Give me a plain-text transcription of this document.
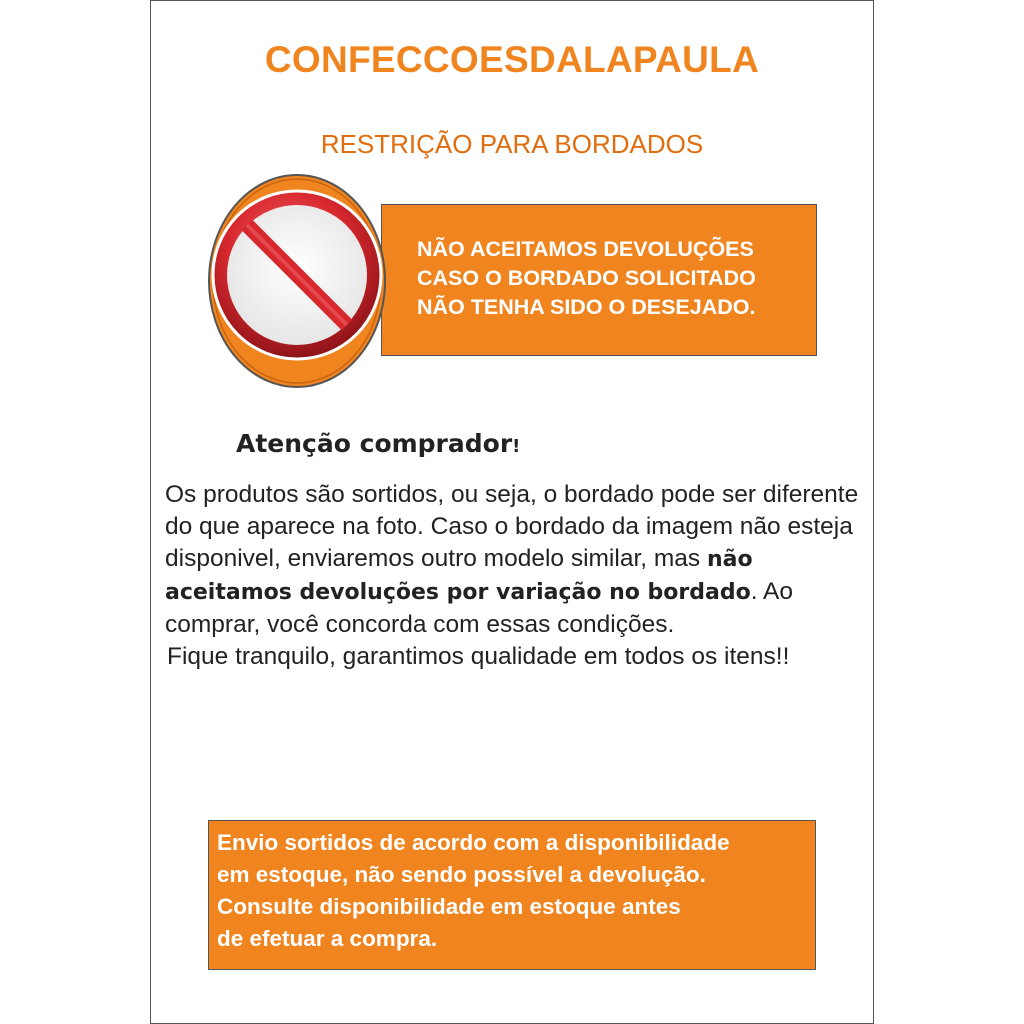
CONFECCOESDALAPAULA
RESTRIÇÃO PARA BORDADOS
NÃO ACEITAMOS DEVOLUÇÕES
CASO O BORDADO SOLICITADO
NÃO TENHA SIDO O DESEJADO.
Atenção comprador!
Os produtos são sortidos, ou seja, o bordado pode ser diferente do que aparece na foto. Caso o bordado da imagem não esteja disponivel, enviaremos outro modelo similar, mas não aceitamos devoluções por variação no bordado. Ao comprar, você concorda com essas condições.
Fique tranquilo, garantimos qualidade em todos os itens!!
Envio sortidos de acordo com a disponibilidade
em estoque, não sendo possível a devolução.
Consulte disponibilidade em estoque antes
de efetuar a compra.
